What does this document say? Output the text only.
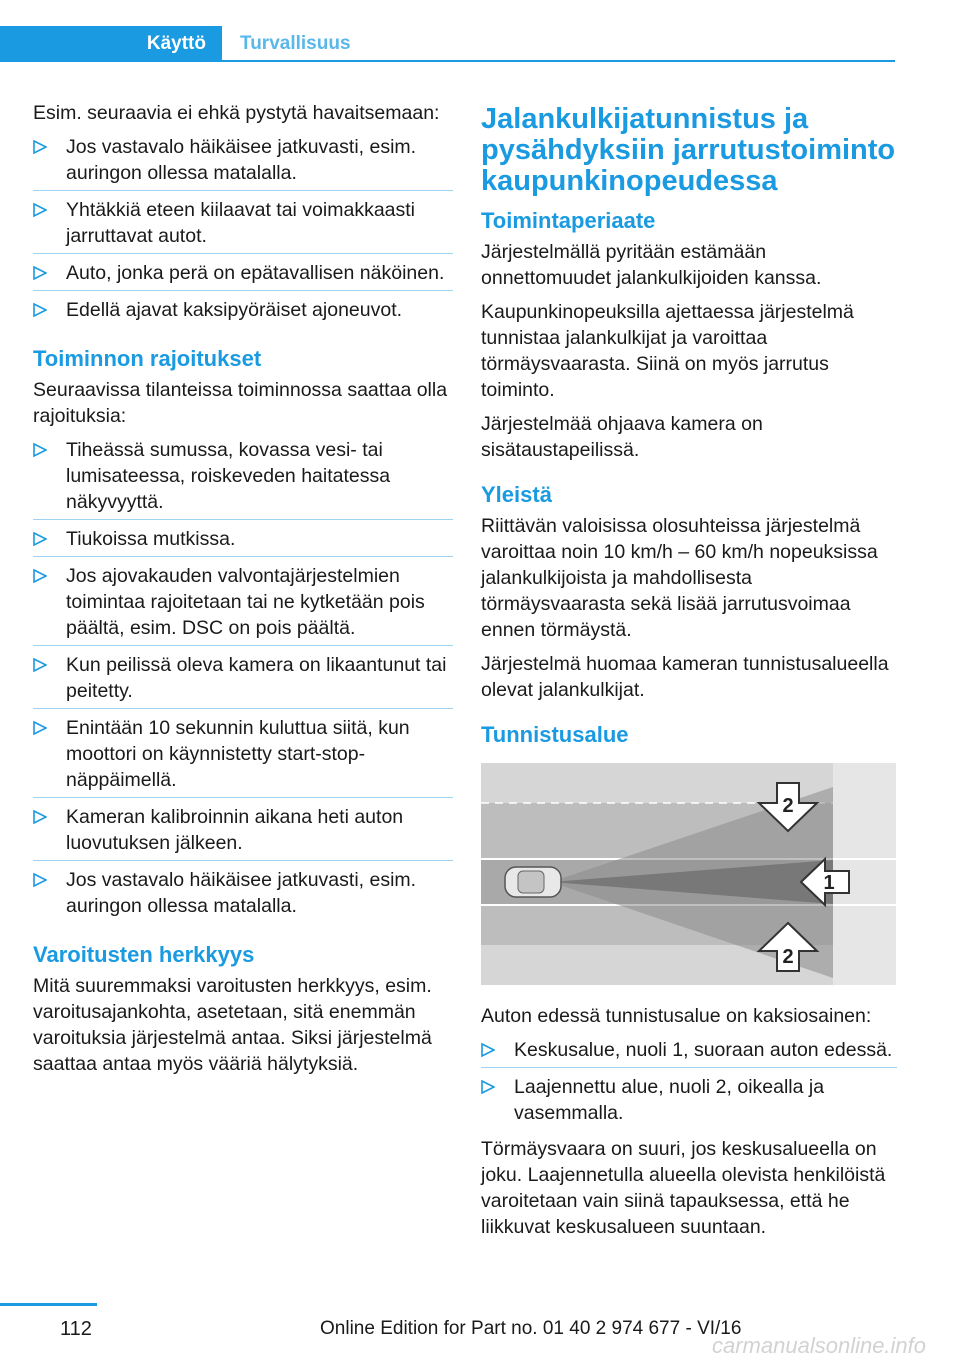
Käyttö	Turvallisuus

Esim. seuraavia ei ehkä pystytä havaitsemaan:

Jos vastavalo häikäisee jatkuvasti, esim. auringon ollessa matalalla.
Yhtäkkiä eteen kiilaavat tai voimakkaasti jarruttavat autot.
Auto, jonka perä on epätavallisen näköinen.
Edellä ajavat kaksipyöräiset ajoneuvot.
Toiminnon rajoitukset

Seuraavissa tilanteissa toiminnossa saattaa olla rajoituksia:

Tiheässä sumussa, kovassa vesi- tai lumisateessa, roiskeveden haitatessa näkyvyyttä.
Tiukoissa mutkissa.
Jos ajovakauden valvontajärjestelmien toimintaa rajoitetaan tai ne kytketään pois päältä, esim. DSC on pois päältä.
Kun peilissä oleva kamera on likaantunut tai peitetty.
Enintään 10 sekunnin kuluttua siitä, kun moottori on käynnistetty start-stop-näppäimellä.
Kameran kalibroinnin aikana heti auton luovutuksen jälkeen.
Jos vastavalo häikäisee jatkuvasti, esim. auringon ollessa matalalla.
Varoitusten herkkyys

Mitä suuremmaksi varoitusten herkkyys, esim. varoitusajankohta, asetetaan, sitä enemmän varoituksia järjestelmä antaa. Siksi järjestelmä saattaa antaa myös vääriä hälytyksiä.

Jalankulkijatunnistus ja pysähdyksiin jarrutustoiminto kaupunkinopeudessa
Toimintaperiaate

Järjestelmällä pyritään estämään onnettomuudet jalankulkijoiden kanssa.

Kaupunkinopeuksilla ajettaessa järjestelmä tunnistaa jalankulkijat ja varoittaa törmäysvaarasta. Siinä on myös jarrutus toiminto.

Järjestelmää ohjaava kamera on sisätaustapeilissä.

Yleistä

Riittävän valoisissa olosuhteissa järjestelmä varoittaa noin 10 km/h – 60 km/h nopeuksissa jalankulkijoista ja mahdollisesta törmäysvaarasta sekä lisää jarrutusvoimaa ennen törmäystä.

Järjestelmä huomaa kameran tunnistusalueella olevat jalankulkijat.

Tunnistusalue
2
1
2

Auton edessä tunnistusalue on kaksiosainen:

Keskusalue, nuoli 1, suoraan auton edessä.
Laajennettu alue, nuoli 2, oikealla ja vasemmalla.

Törmäysvaara on suuri, jos keskusalueella on joku. Laajennetulla alueella olevista henkilöistä varoitetaan vain siinä tapauksessa, että he liikkuvat keskusalueen suuntaan.

112	Online Edition for Part no. 01 40 2 974 677 - VI/16
carmanualsonline.info
